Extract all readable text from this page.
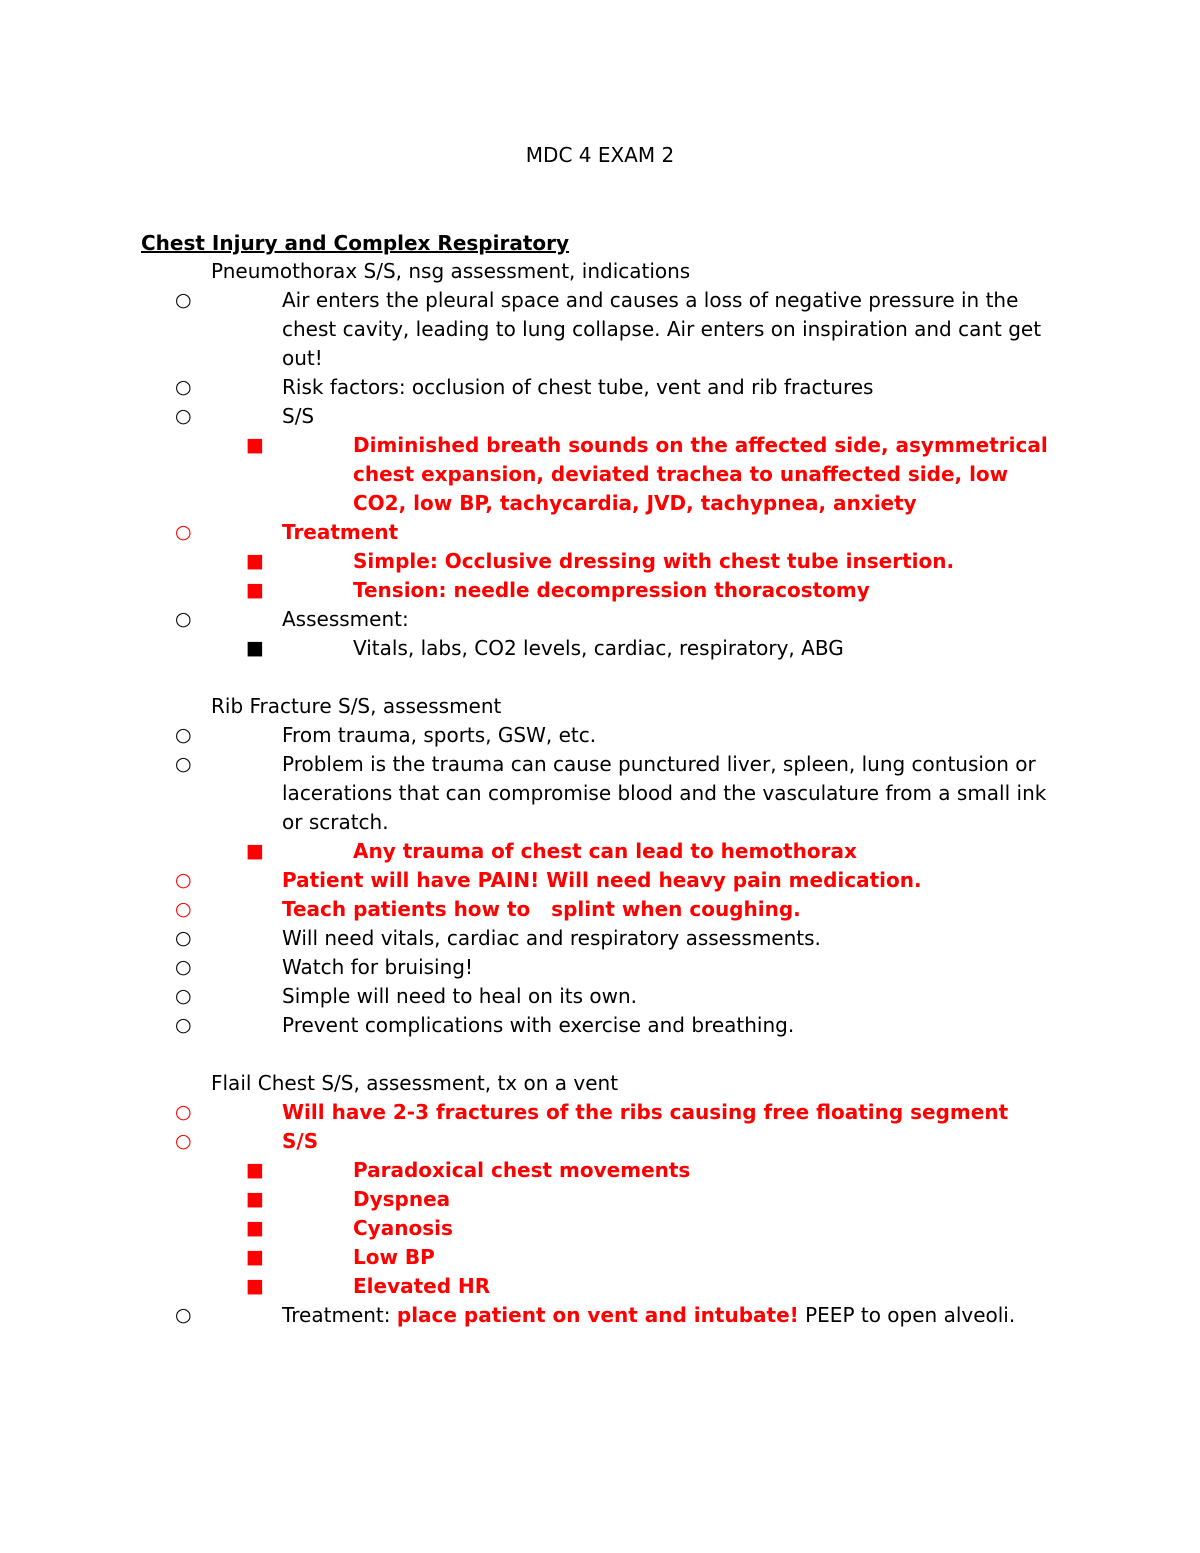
MDC 4 EXAM 2
Chest Injury and Complex Respiratory
Pneumothorax S/S, nsg assessment, indications
○	Air enters the pleural space and causes a loss of negative pressure in the chest cavity, leading to lung collapse. Air enters on inspiration and cant get out!
○	Risk factors: occlusion of chest tube, vent and rib fractures
○	S/S
■	Diminished breath sounds on the affected side, asymmetrical chest expansion, deviated trachea to unaffected side, low CO2, low BP, tachycardia, JVD, tachypnea, anxiety
○	Treatment
■	Simple: Occlusive dressing with chest tube insertion.
■	Tension: needle decompression thoracostomy
○	Assessment:
■	Vitals, labs, CO2 levels, cardiac, respiratory, ABG
Rib Fracture S/S, assessment
○	From trauma, sports, GSW, etc.
○	Problem is the trauma can cause punctured liver, spleen, lung contusion or lacerations that can compromise blood and the vasculature from a small ink or scratch.
■	Any trauma of chest can lead to hemothorax
○	Patient will have PAIN! Will need heavy pain medication.
○	Teach patients how to   splint when coughing.
○	Will need vitals, cardiac and respiratory assessments.
○	Watch for bruising!
○	Simple will need to heal on its own.
○	Prevent complications with exercise and breathing.
Flail Chest S/S, assessment, tx on a vent
○	Will have 2-3 fractures of the ribs causing free floating segment
○	S/S
■	Paradoxical chest movements
■	Dyspnea
■	Cyanosis
■	Low BP
■	Elevated HR
○	Treatment: place patient on vent and intubate! PEEP to open alveoli.
